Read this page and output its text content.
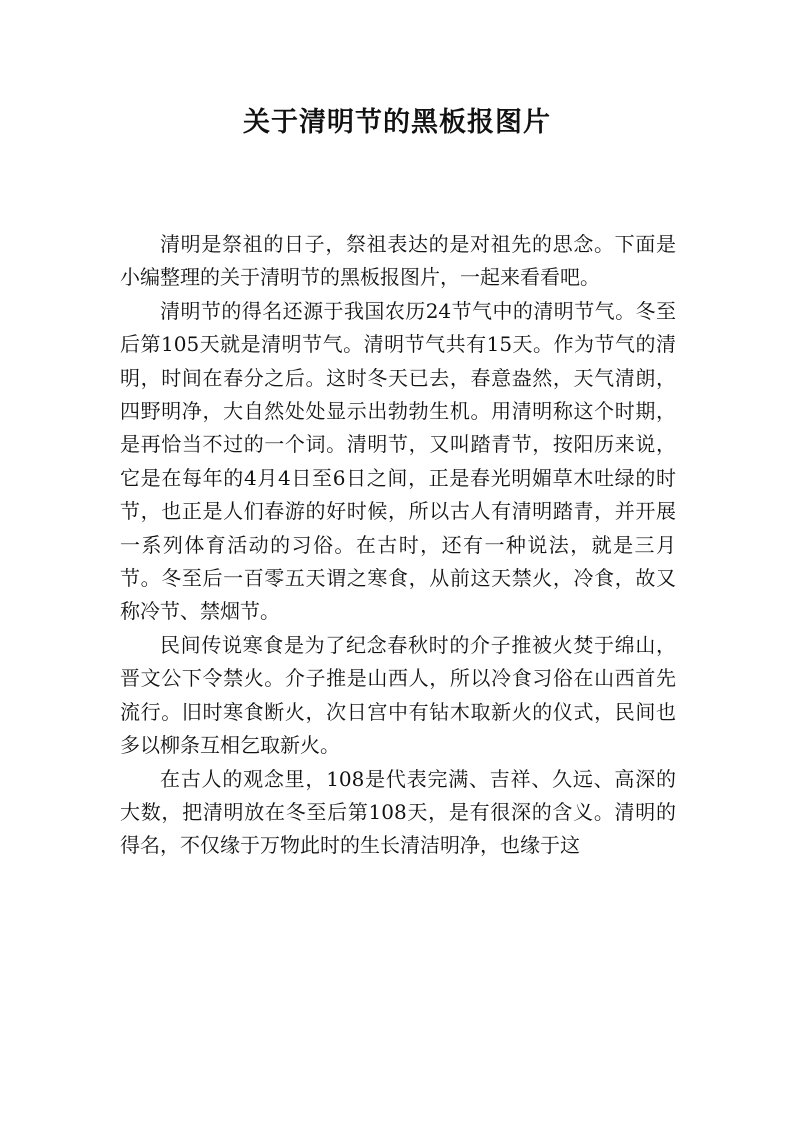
关于清明节的黑板报图片

清明是祭祖的日子，祭祖表达的是对祖先的思念。下面是小编整理的关于清明节的黑板报图片，一起来看看吧。

清明节的得名还源于我国农历24节气中的清明节气。冬至后第105天就是清明节气。清明节气共有15天。作为节气的清明，时间在春分之后。这时冬天已去，春意盎然，天气清朗，四野明净，大自然处处显示出勃勃生机。用清明称这个时期，是再恰当不过的一个词。清明节，又叫踏青节，按阳历来说，它是在每年的4月4日至6日之间，正是春光明媚草木吐绿的时节，也正是人们春游的好时候，所以古人有清明踏青，并开展一系列体育活动的习俗。在古时，还有一种说法，就是三月节。冬至后一百零五天谓之寒食，从前这天禁火，冷食，故又称冷节、禁烟节。

民间传说寒食是为了纪念春秋时的介子推被火焚于绵山，晋文公下令禁火。介子推是山西人，所以冷食习俗在山西首先流行。旧时寒食断火，次日宫中有钻木取新火的仪式，民间也多以柳条互相乞取新火。

在古人的观念里，108是代表完满、吉祥、久远、高深的大数，把清明放在冬至后第108天，是有很深的含义。清明的得名，不仅缘于万物此时的生长清洁明净，也缘于这
